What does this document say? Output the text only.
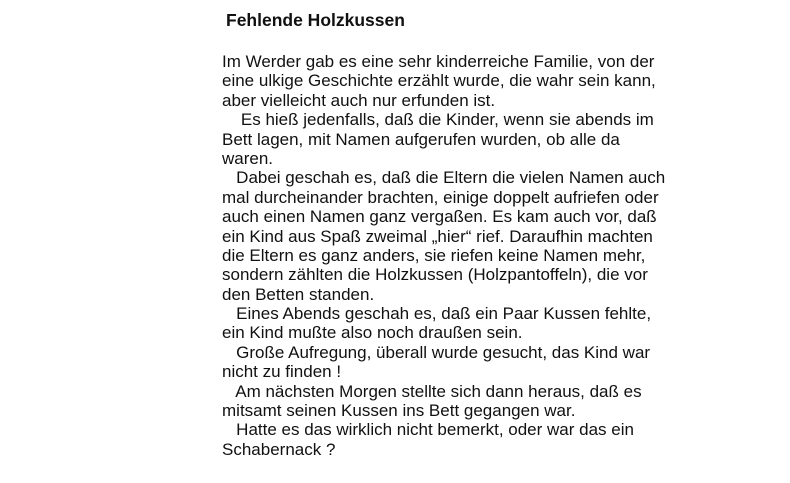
Fehlende Holzkussen
Im Werder gab es eine sehr kinderreiche Familie, von der
eine ulkige Geschichte erzählt wurde, die wahr sein kann,
aber vielleicht auch nur erfunden ist.
Es hieß jedenfalls, daß die Kinder, wenn sie abends im
Bett lagen, mit Namen aufgerufen wurden, ob alle da
waren.
Dabei geschah es, daß die Eltern die vielen Namen auch
mal durcheinander brachten, einige doppelt aufriefen oder
auch einen Namen ganz vergaßen. Es kam auch vor, daß
ein Kind aus Spaß zweimal „hier“ rief. Daraufhin machten
die Eltern es ganz anders, sie riefen keine Namen mehr,
sondern zählten die Holzkussen (Holzpantoffeln), die vor
den Betten standen.
Eines Abends geschah es, daß ein Paar Kussen fehlte,
ein Kind mußte also noch draußen sein.
Große Aufregung, überall wurde gesucht, das Kind war
nicht zu finden !
Am nächsten Morgen stellte sich dann heraus, daß es
mitsamt seinen Kussen ins Bett gegangen war.
Hatte es das wirklich nicht bemerkt, oder war das ein
Schabernack ?
